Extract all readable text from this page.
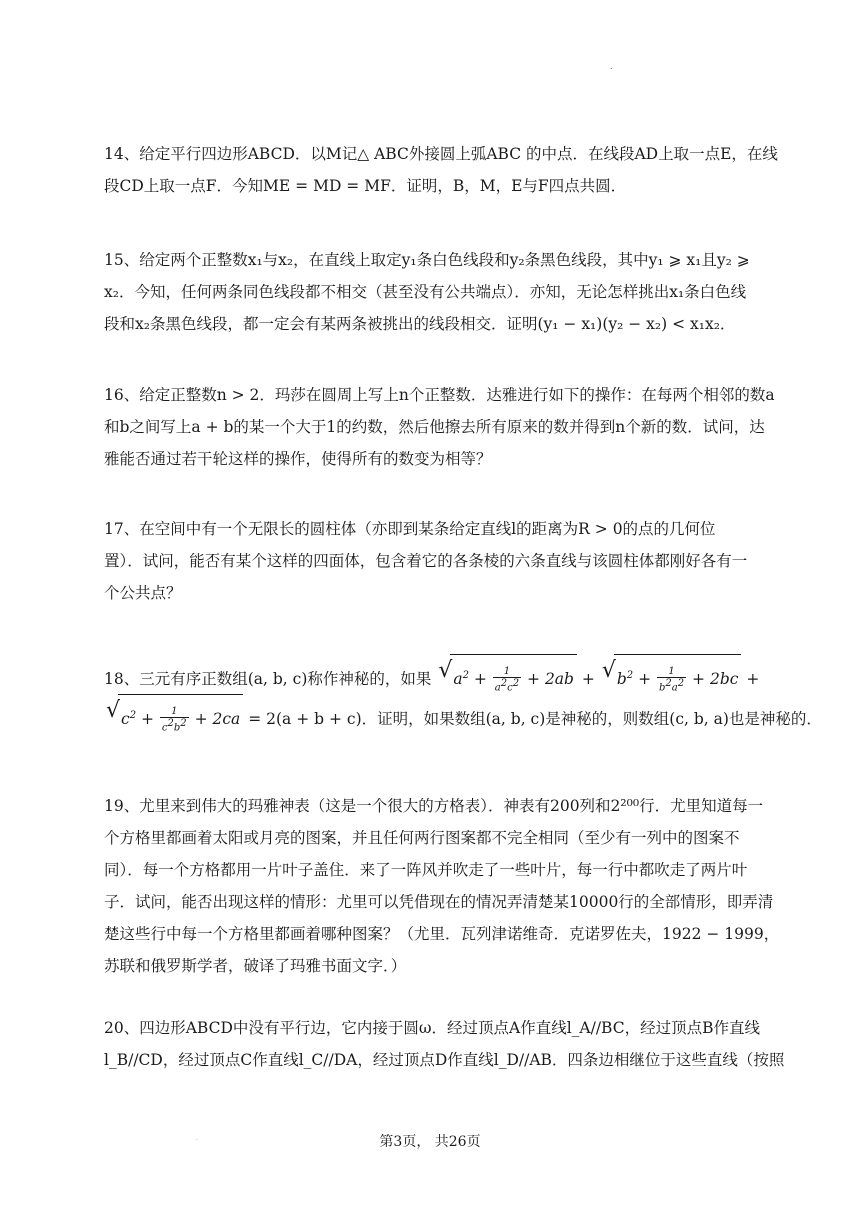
.
14、给定平行四边形ABCD．以M记△ ABC外接圆上弧ABC 的中点．在线段AD上取一点E，在线
段CD上取一点F．今知ME = MD = MF．证明，B，M，E与F四点共圆．
15、给定两个正整数x₁与x₂，在直线上取定y₁条白色线段和y₂条黑色线段，其中y₁ ⩾ x₁且y₂ ⩾
x₂．今知，任何两条同色线段都不相交（甚至没有公共端点）．亦知，无论怎样挑出x₁条白色线
段和x₂条黑色线段，都一定会有某两条被挑出的线段相交．证明(y₁ − x₁)(y₂ − x₂) < x₁x₂．
16、给定正整数n > 2．玛莎在圆周上写上n个正整数．达雅进行如下的操作：在每两个相邻的数a
和b之间写上a + b的某一个大于1的约数，然后他擦去所有原来的数并得到n个新的数．试问，达
雅能否通过若干轮这样的操作，使得所有的数变为相等？
17、在空间中有一个无限长的圆柱体（亦即到某条给定直线l的距离为R > 0的点的几何位
置）．试问，能否有某个这样的四面体，包含着它的各条棱的六条直线与该圆柱体都刚好各有一
个公共点？
18、三元有序正数组(a, b, c)称作神秘的，如果 √ $a^2 + \frac{1}{a^2c^2} + 2ab$ + √ $b^2 + \frac{1}{b^2a^2} + 2bc$ +
√ $c^2 + \frac{1}{c^2b^2} + 2ca = 2(a + b + c)$．证明，如果数组(a, b, c)是神秘的，则数组(c, b, a)也是神秘的．
19、尤里来到伟大的玛雅神表（这是一个很大的方格表）．神表有200列和2²⁰⁰行．尤里知道每一
个方格里都画着太阳或月亮的图案，并且任何两行图案都不完全相同（至少有一列中的图案不
同）．每一个方格都用一片叶子盖住．来了一阵风并吹走了一些叶片，每一行中都吹走了两片叶
子．试问，能否出现这样的情形：尤里可以凭借现在的情况弄清楚某10000行的全部情形，即弄清
楚这些行中每一个方格里都画着哪种图案？（尤里．瓦列津诺维奇．克诺罗佐夫，1922 − 1999，
苏联和俄罗斯学者，破译了玛雅书面文字．）
20、四边形ABCD中没有平行边，它内接于圆ω．经过顶点A作直线l_A//BC，经过顶点B作直线
l_B//CD，经过顶点C作直线l_C//DA，经过顶点D作直线l_D//AB．四条边相继位于这些直线（按照
.	第3页， 共26页
